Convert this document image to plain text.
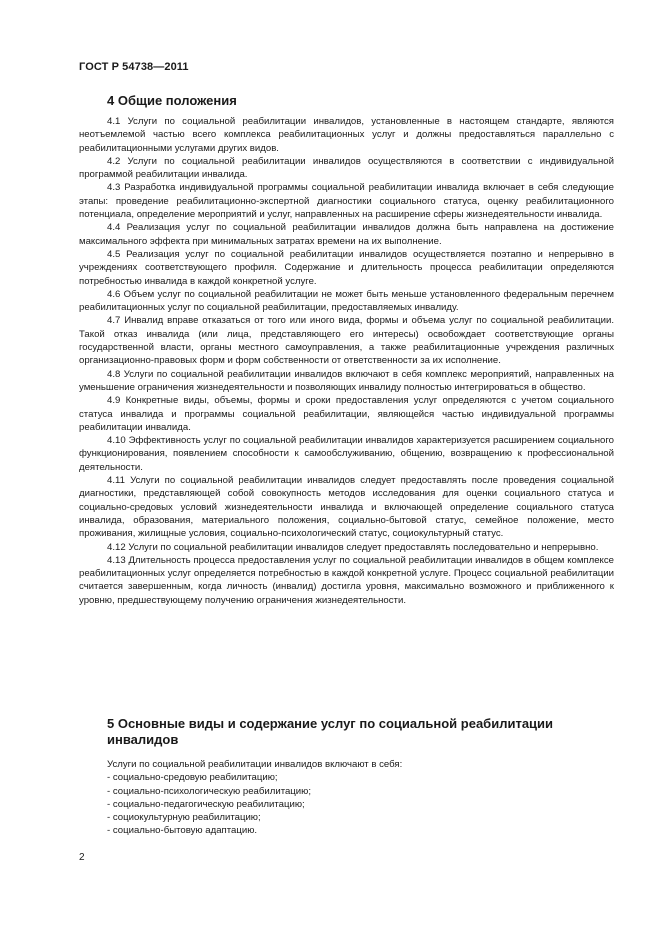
ГОСТ Р 54738—2011
4 Общие положения

4.1 Услуги по социальной реабилитации инвалидов, установленные в настоящем стандарте, являются неотъемлемой частью всего комплекса реабилитационных услуг и должны предоставляться параллельно с реабилитационными услугами других видов.

4.2 Услуги по социальной реабилитации инвалидов осуществляются в соответствии с индивидуальной программой реабилитации инвалида.

4.3 Разработка индивидуальной программы социальной реабилитации инвалида включает в себя следующие этапы: проведение реабилитационно-экспертной диагностики социального статуса, оценку реабилитационного потенциала, определение мероприятий и услуг, направленных на расширение сферы жизнедеятельности инвалида.

4.4 Реализация услуг по социальной реабилитации инвалидов должна быть направлена на достижение максимального эффекта при минимальных затратах времени на их выполнение.

4.5 Реализация услуг по социальной реабилитации инвалидов осуществляется поэтапно и непрерывно в учреждениях соответствующего профиля. Содержание и длительность процесса реабилитации определяются потребностью инвалида в каждой конкретной услуге.

4.6 Объем услуг по социальной реабилитации не может быть меньше установленного федеральным перечнем реабилитационных услуг по социальной реабилитации, предоставляемых инвалиду.

4.7 Инвалид вправе отказаться от того или иного вида, формы и объема услуг по социальной реабилитации. Такой отказ инвалида (или лица, представляющего его интересы) освобождает соответствующие органы государственной власти, органы местного самоуправления, а также реабилитационные учреждения различных организационно-правовых форм и форм собственности от ответственности за их исполнение.

4.8 Услуги по социальной реабилитации инвалидов включают в себя комплекс мероприятий, направленных на уменьшение ограничения жизнедеятельности и позволяющих инвалиду полностью интегрироваться в общество.

4.9 Конкретные виды, объемы, формы и сроки предоставления услуг определяются с учетом социального статуса инвалида и программы социальной реабилитации, являющейся частью индивидуальной программы реабилитации инвалида.

4.10 Эффективность услуг по социальной реабилитации инвалидов характеризуется расширением социального функционирования, появлением способности к самообслуживанию, общению, возвращению к профессиональной деятельности.

4.11 Услуги по социальной реабилитации инвалидов следует предоставлять после проведения социальной диагностики, представляющей собой совокупность методов исследования для оценки социального статуса и социально-средовых условий жизнедеятельности инвалида и включающей определение социального статуса инвалида, образования, материального положения, социально-бытовой статус, семейное положение, место проживания, жилищные условия, социально-психологический статус, социокультурный статус.

4.12 Услуги по социальной реабилитации инвалидов следует предоставлять последовательно и непрерывно.

4.13 Длительность процесса предоставления услуг по социальной реабилитации инвалидов в общем комплексе реабилитационных услуг определяется потребностью в каждой конкретной услуге. Процесс социальной реабилитации считается завершенным, когда личность (инвалид) достигла уровня, максимально возможного и приближенного к уровню, предшествующему получению ограничения жизнедеятельности.

5 Основные виды и содержание услуг по социальной реабилитации инвалидов

Услуги по социальной реабилитации инвалидов включают в себя:

- социально-средовую реабилитацию;
- социально-психологическую реабилитацию;
- социально-педагогическую реабилитацию;
- социокультурную реабилитацию;
- социально-бытовую адаптацию.
2
